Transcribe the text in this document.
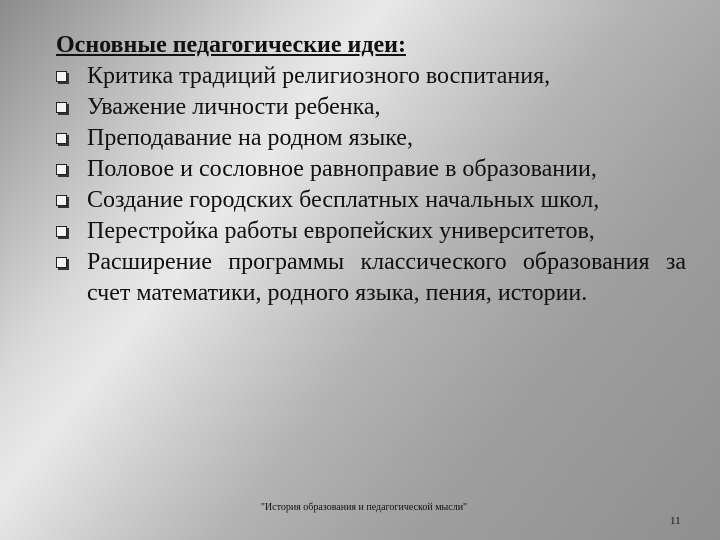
Основные педагогические идеи:

Критика традиций религиозного воспитания,
Уважение личности ребенка,
Преподавание на родном языке,
Половое и сословное равноправие в образовании,
Создание городских бесплатных начальных школ,
Перестройка работы европейских университетов,
Расширение программы классического образования за счет математики, родного языка, пения, истории.
"История образования и педагогической мысли"
11
